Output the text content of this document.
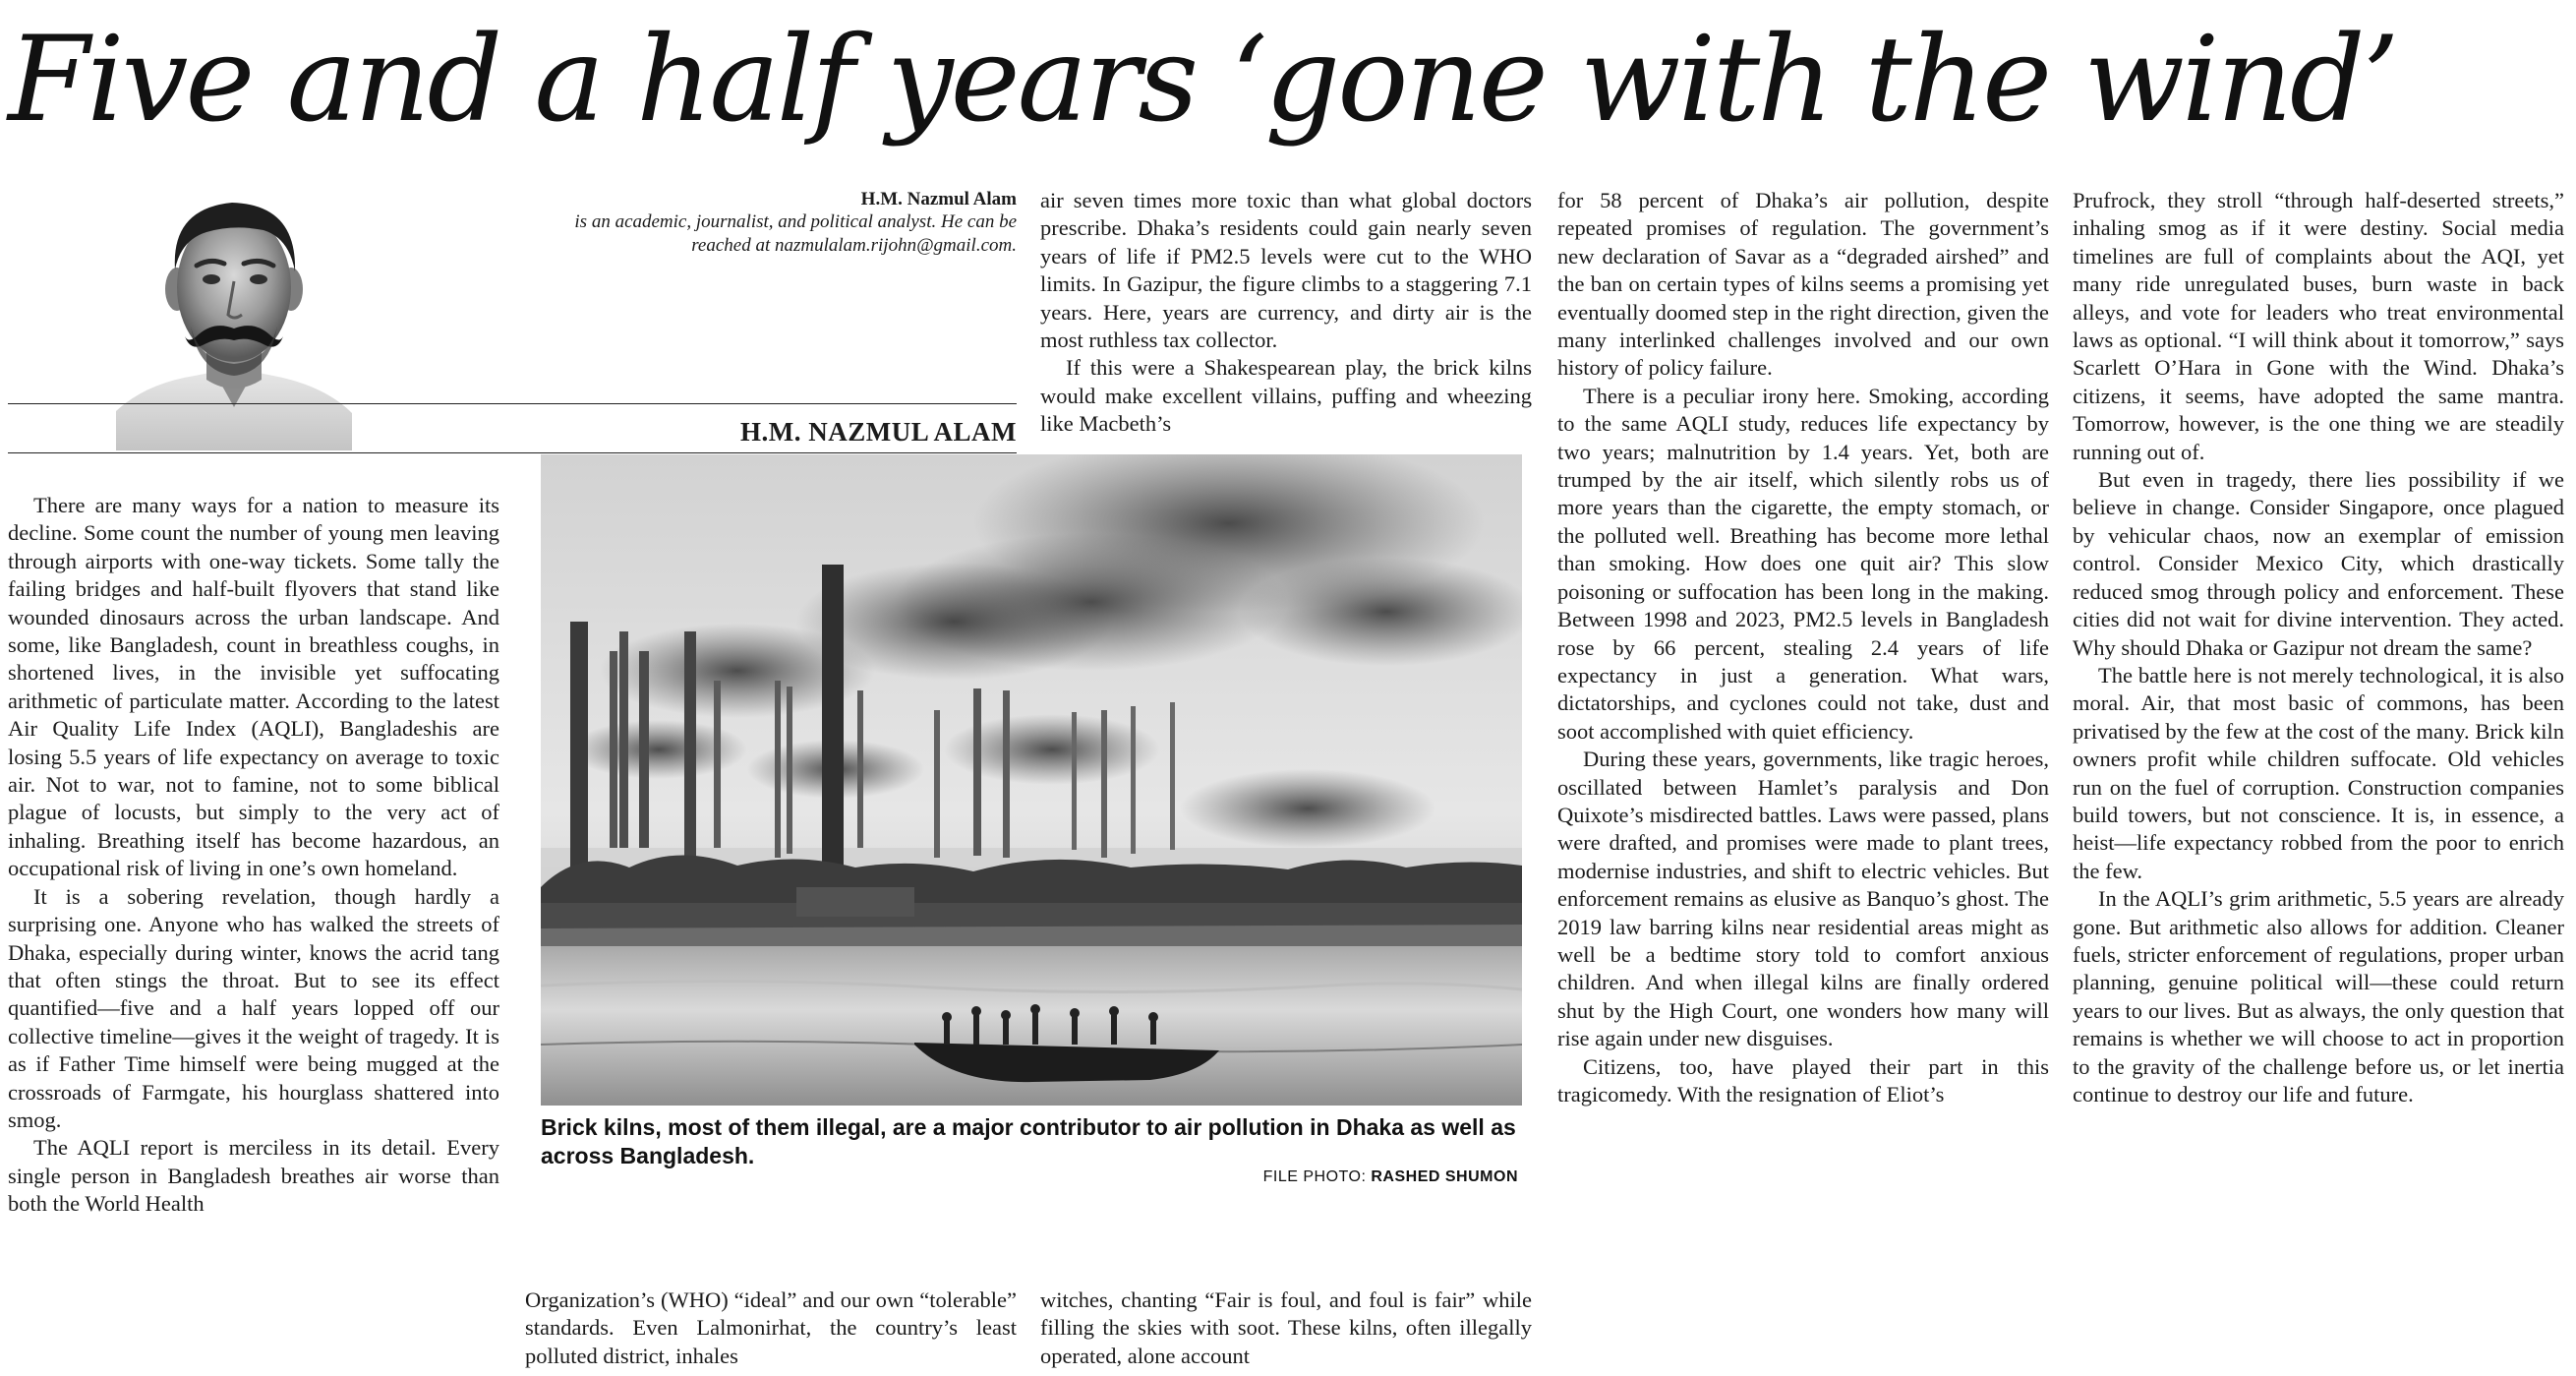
Five and a half years ‘gone with the wind’
H.M. Nazmul Alam
is an academic, journalist, and political analyst. He can be reached at nazmulalam.rijohn@gmail.com.
H.M. NAZMUL ALAM

There are many ways for a nation to measure its decline. Some count the number of young men leaving through airports with one-way tickets. Some tally the failing bridges and half-built flyovers that stand like wounded dinosaurs across the urban landscape. And some, like Bangladesh, count in breathless coughs, in shortened lives, in the invisible yet suffocating arithmetic of particulate matter. According to the latest Air Quality Life Index (AQLI), Bangladeshis are losing 5.5 years of life expectancy on average to toxic air. Not to war, not to famine, not to some biblical plague of locusts, but simply to the very act of inhaling. Breathing itself has become hazardous, an occupational risk of living in one’s own homeland.

It is a sobering revelation, though hardly a surprising one. Anyone who has walked the streets of Dhaka, especially during winter, knows the acrid tang that often stings the throat. But to see its effect quantified—five and a half years lopped off our collective timeline—gives it the weight of tragedy. It is as if Father Time himself were being mugged at the crossroads of Farmgate, his hourglass shattered into smog.

The AQLI report is merciless in its detail. Every single person in Bangladesh breathes air worse than both the World Health

Organization’s (WHO) “ideal” and our own “tolerable” standards. Even Lalmonirhat, the country’s least polluted district, inhales

air seven times more toxic than what global doctors prescribe. Dhaka’s residents could gain nearly seven years of life if PM2.5 levels were cut to the WHO limits. In Gazipur, the figure climbs to a staggering 7.1 years. Here, years are currency, and dirty air is the most ruthless tax collector.

If this were a Shakespearean play, the brick kilns would make excellent villains, puffing and wheezing like Macbeth’s

witches, chanting “Fair is foul, and foul is fair” while filling the skies with soot. These kilns, often illegally operated, alone account

for 58 percent of Dhaka’s air pollution, despite repeated promises of regulation. The government’s new declaration of Savar as a “degraded airshed” and the ban on certain types of kilns seems a promising yet eventually doomed step in the right direction, given the many interlinked challenges involved and our own history of policy failure.

There is a peculiar irony here. Smoking, according to the same AQLI study, reduces life expectancy by two years; malnutrition by 1.4 years. Yet, both are trumped by the air itself, which silently robs us of more years than the cigarette, the empty stomach, or the polluted well. Breathing has become more lethal than smoking. How does one quit air? This slow poisoning or suffocation has been long in the making. Between 1998 and 2023, PM2.5 levels in Bangladesh rose by 66 percent, stealing 2.4 years of life expectancy in just a generation. What wars, dictatorships, and cyclones could not take, dust and soot accomplished with quiet efficiency.

During these years, governments, like tragic heroes, oscillated between Hamlet’s paralysis and Don Quixote’s misdirected battles. Laws were passed, plans were drafted, and promises were made to plant trees, modernise industries, and shift to electric vehicles. But enforcement remains as elusive as Banquo’s ghost. The 2019 law barring kilns near residential areas might as well be a bedtime story told to comfort anxious children. And when illegal kilns are finally ordered shut by the High Court, one wonders how many will rise again under new disguises.

Citizens, too, have played their part in this tragicomedy. With the resignation of Eliot’s

Prufrock, they stroll “through half-deserted streets,” inhaling smog as if it were destiny. Social media timelines are full of complaints about the AQI, yet many ride unregulated buses, burn waste in back alleys, and vote for leaders who treat environmental laws as optional. “I will think about it tomorrow,” says Scarlett O’Hara in Gone with the Wind. Dhaka’s citizens, it seems, have adopted the same mantra. Tomorrow, however, is the one thing we are steadily running out of.

But even in tragedy, there lies possibility if we believe in change. Consider Singapore, once plagued by vehicular chaos, now an exemplar of emission control. Consider Mexico City, which drastically reduced smog through policy and enforcement. These cities did not wait for divine intervention. They acted. Why should Dhaka or Gazipur not dream the same?

The battle here is not merely technological, it is also moral. Air, that most basic of commons, has been privatised by the few at the cost of the many. Brick kiln owners profit while children suffocate. Old vehicles run on the fuel of corruption. Construction companies build towers, but not conscience. It is, in essence, a heist—life expectancy robbed from the poor to enrich the few.

In the AQLI’s grim arithmetic, 5.5 years are already gone. But arithmetic also allows for addition. Cleaner fuels, stricter enforcement of regulations, proper urban planning, genuine political will—these could return years to our lives. But as always, the only question that remains is whether we will choose to act in proportion to the gravity of the challenge before us, or let inertia continue to destroy our life and future.

Brick kilns, most of them illegal, are a major contributor to air pollution in Dhaka as well as across Bangladesh.
FILE PHOTO: RASHED SHUMON
